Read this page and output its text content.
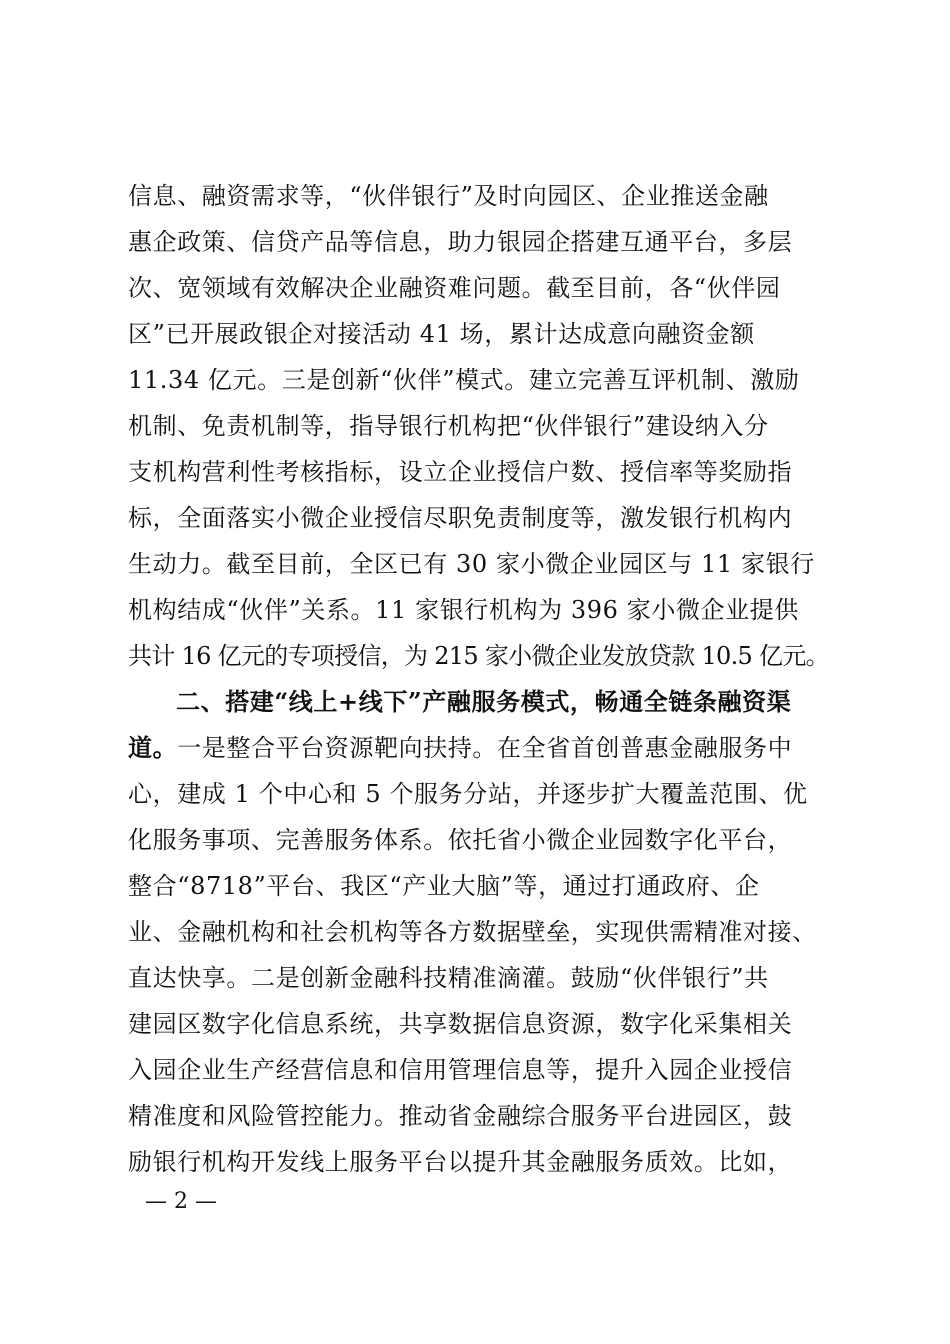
信息、融资需求等，“伙伴银行”及时向园区、企业推送金融
惠企政策、信贷产品等信息，助力银园企搭建互通平台，多层
次、宽领域有效解决企业融资难问题。截至目前，各“伙伴园
区”已开展政银企对接活动 41 场，累计达成意向融资金额
11.34 亿元。三是创新“伙伴”模式。建立完善互评机制、激励
机制、免责机制等，指导银行机构把“伙伴银行”建设纳入分
支机构营利性考核指标，设立企业授信户数、授信率等奖励指
标，全面落实小微企业授信尽职免责制度等，激发银行机构内
生动力。截至目前，全区已有 30 家小微企业园区与 11 家银行
机构结成“伙伴”关系。11 家银行机构为 396 家小微企业提供
共计 16 亿元的专项授信，为 215 家小微企业发放贷款 10.5 亿元。
二、搭建“线上+线下”产融服务模式，畅通全链条融资渠
道。一是整合平台资源靶向扶持。在全省首创普惠金融服务中
心，建成 1 个中心和 5 个服务分站，并逐步扩大覆盖范围、优
化服务事项、完善服务体系。依托省小微企业园数字化平台，
整合“8718”平台、我区“产业大脑”等，通过打通政府、企
业、金融机构和社会机构等各方数据壁垒，实现供需精准对接、
直达快享。二是创新金融科技精准滴灌。鼓励“伙伴银行”共
建园区数字化信息系统，共享数据信息资源，数字化采集相关
入园企业生产经营信息和信用管理信息等，提升入园企业授信
精准度和风险管控能力。推动省金融综合服务平台进园区，鼓
励银行机构开发线上服务平台以提升其金融服务质效。比如，
— 2 —
